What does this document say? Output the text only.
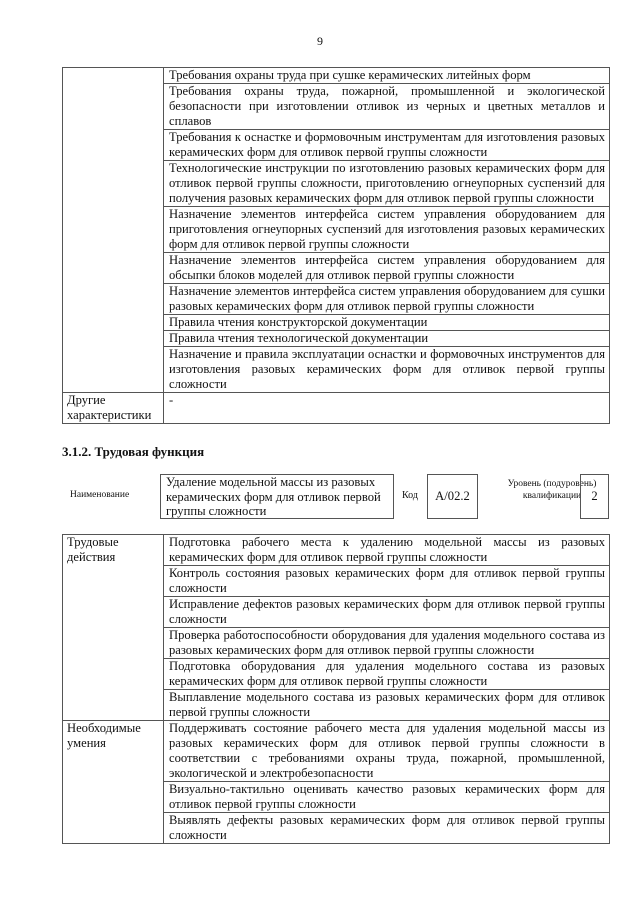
9
	Требования охраны труда при сушке керамических литейных форм
	Требования охраны труда, пожарной, промышленной и экологической безопасности при изготовлении отливок из черных и цветных металлов и сплавов
	Требования к оснастке и формовочным инструментам для изготовления разовых керамических форм для отливок первой группы сложности
	Технологические инструкции по изготовлению разовых керамических форм для отливок первой группы сложности, приготовлению огнеупорных суспензий для получения разовых керамических форм для отливок первой группы сложности
	Назначение элементов интерфейса систем управления оборудованием для приготовления огнеупорных суспензий для изготовления разовых керамических форм для отливок первой группы сложности
	Назначение элементов интерфейса систем управления оборудованием для обсыпки блоков моделей для отливок первой группы сложности
	Назначение элементов интерфейса систем управления оборудованием для сушки разовых керамических форм для отливок первой группы сложности
	Правила чтения конструкторской документации
	Правила чтения технологической документации
	Назначение и правила эксплуатации оснастки и формовочных инструментов для изготовления разовых керамических форм для отливок первой группы сложности
Другие характеристики	-
3.1.2. Трудовая функция
Наименование
Удаление модельной массы из разовых керамических форм для отливок первой группы сложности
Код	А/02.2
Уровень (подуровень) квалификации 2
Трудовые действия	Подготовка рабочего места к удалению модельной массы из разовых керамических форм для отливок первой группы сложности
	Контроль состояния разовых керамических форм для отливок первой группы сложности
	Исправление дефектов разовых керамических форм для отливок первой группы сложности
	Проверка работоспособности оборудования для удаления модельного состава из разовых керамических форм для отливок первой группы сложности
	Подготовка оборудования для удаления модельного состава из разовых керамических форм для отливок первой группы сложности
	Выплавление модельного состава из разовых керамических форм для отливок первой группы сложности
Необходимые умения	Поддерживать состояние рабочего места для удаления модельной массы из разовых керамических форм для отливок первой группы сложности в соответствии с требованиями охраны труда, пожарной, промышленной, экологической и электробезопасности
	Визуально-тактильно оценивать качество разовых керамических форм для отливок первой группы сложности
	Выявлять дефекты разовых керамических форм для отливок первой группы сложности
